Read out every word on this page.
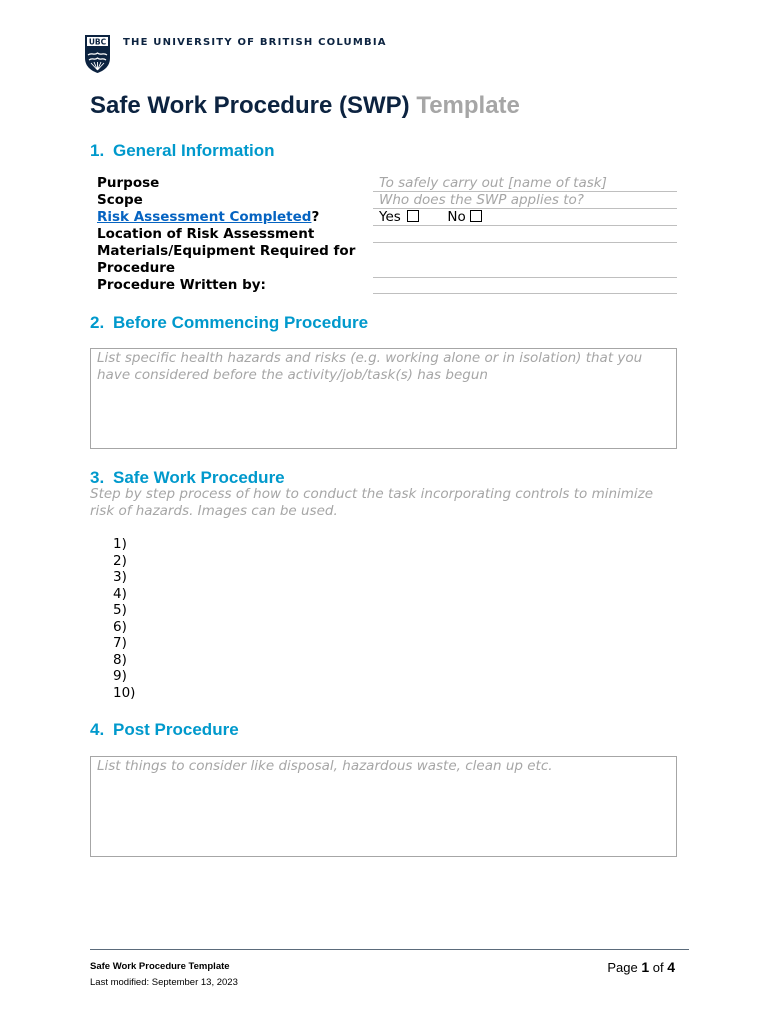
UBC THE UNIVERSITY OF BRITISH COLUMBIA
Safe Work Procedure (SWP) Template
1. General Information
Purpose	To safely carry out [name of task]
Scope	Who does the SWP applies to?
Risk Assessment Completed?	Yes	No
Location of Risk Assessment
Materials/Equipment Required for Procedure
Procedure Written by:
2. Before Commencing Procedure
List specific health hazards and risks (e.g. working alone or in isolation) that you have considered before the activity/job/task(s) has begun
3. Safe Work Procedure
Step by step process of how to conduct the task incorporating controls to minimize risk of hazards. Images can be used.
1)
2)
3)
4)
5)
6)
7)
8)
9)
10)
4. Post Procedure
List things to consider like disposal, hazardous waste, clean up etc.
Safe Work Procedure Template
Last modified: September 13, 2023
Page 1 of 4
